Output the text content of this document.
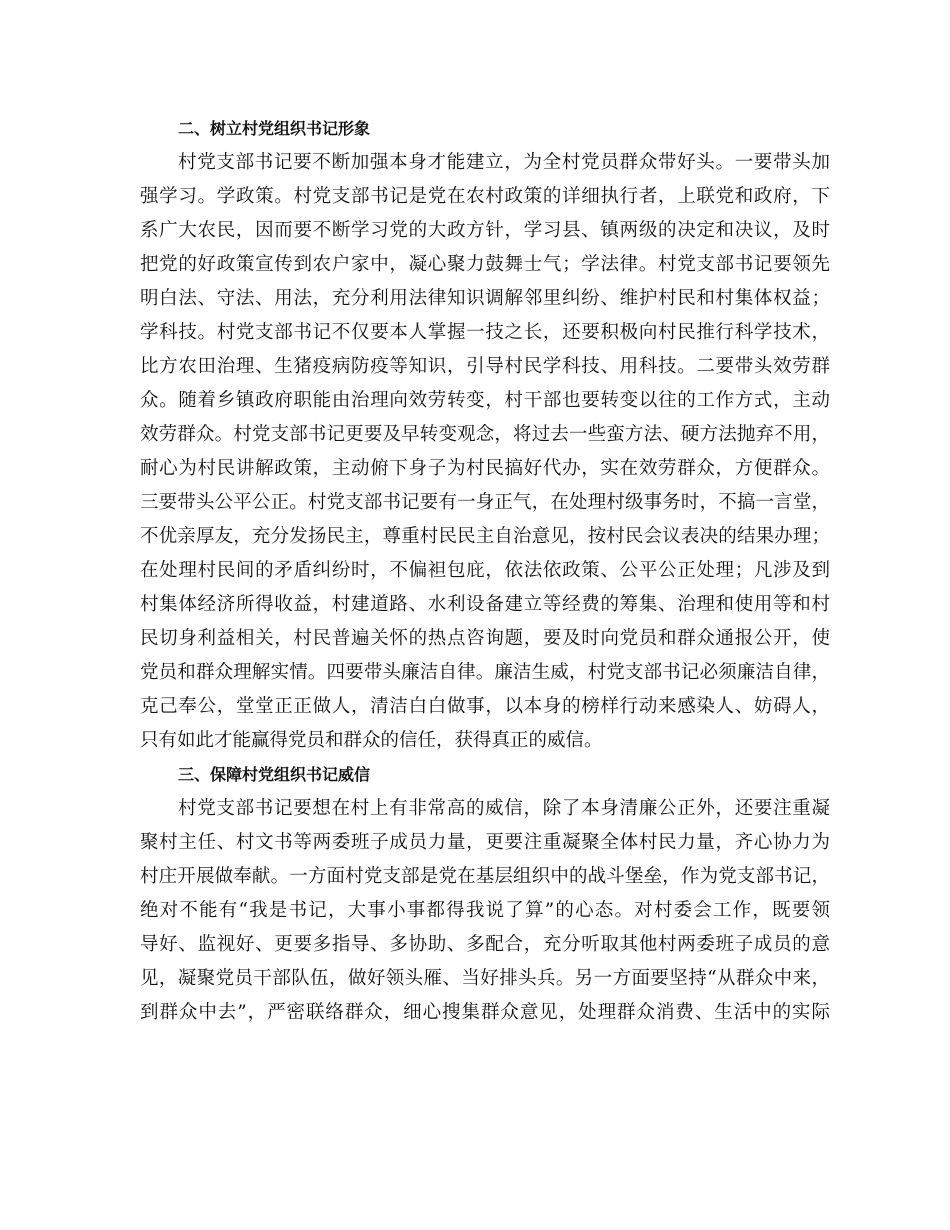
二、树立村党组织书记形象
村党支部书记要不断加强本身才能建立，为全村党员群众带好头。一要带头加
强学习。学政策。村党支部书记是党在农村政策的详细执行者，上联党和政府，下
系广大农民，因而要不断学习党的大政方针，学习县、镇两级的决定和决议，及时
把党的好政策宣传到农户家中，凝心聚力鼓舞士气；学法律。村党支部书记要领先
明白法、守法、用法，充分利用法律知识调解邻里纠纷、维护村民和村集体权益；
学科技。村党支部书记不仅要本人掌握一技之长，还要积极向村民推行科学技术，
比方农田治理、生猪疫病防疫等知识，引导村民学科技、用科技。二要带头效劳群
众。随着乡镇政府职能由治理向效劳转变，村干部也要转变以往的工作方式，主动
效劳群众。村党支部书记更要及早转变观念，将过去一些蛮方法、硬方法抛弃不用，
耐心为村民讲解政策，主动俯下身子为村民搞好代办，实在效劳群众，方便群众。
三要带头公平公正。村党支部书记要有一身正气，在处理村级事务时，不搞一言堂，
不优亲厚友，充分发扬民主，尊重村民民主自治意见，按村民会议表决的结果办理；
在处理村民间的矛盾纠纷时，不偏袒包庇，依法依政策、公平公正处理；凡涉及到
村集体经济所得收益，村建道路、水利设备建立等经费的筹集、治理和使用等和村
民切身利益相关，村民普遍关怀的热点咨询题，要及时向党员和群众通报公开，使
党员和群众理解实情。四要带头廉洁自律。廉洁生威，村党支部书记必须廉洁自律，
克己奉公，堂堂正正做人，清洁白白做事，以本身的榜样行动来感染人、妨碍人，
只有如此才能赢得党员和群众的信任，获得真正的威信。
三、保障村党组织书记威信
村党支部书记要想在村上有非常高的威信，除了本身清廉公正外，还要注重凝
聚村主任、村文书等两委班子成员力量，更要注重凝聚全体村民力量，齐心协力为
村庄开展做奉献。一方面村党支部是党在基层组织中的战斗堡垒，作为党支部书记，
绝对不能有“我是书记，大事小事都得我说了算”的心态。对村委会工作，既要领
导好、监视好、更要多指导、多协助、多配合，充分听取其他村两委班子成员的意
见，凝聚党员干部队伍，做好领头雁、当好排头兵。另一方面要坚持“从群众中来，
到群众中去”，严密联络群众，细心搜集群众意见，处理群众消费、生活中的实际
